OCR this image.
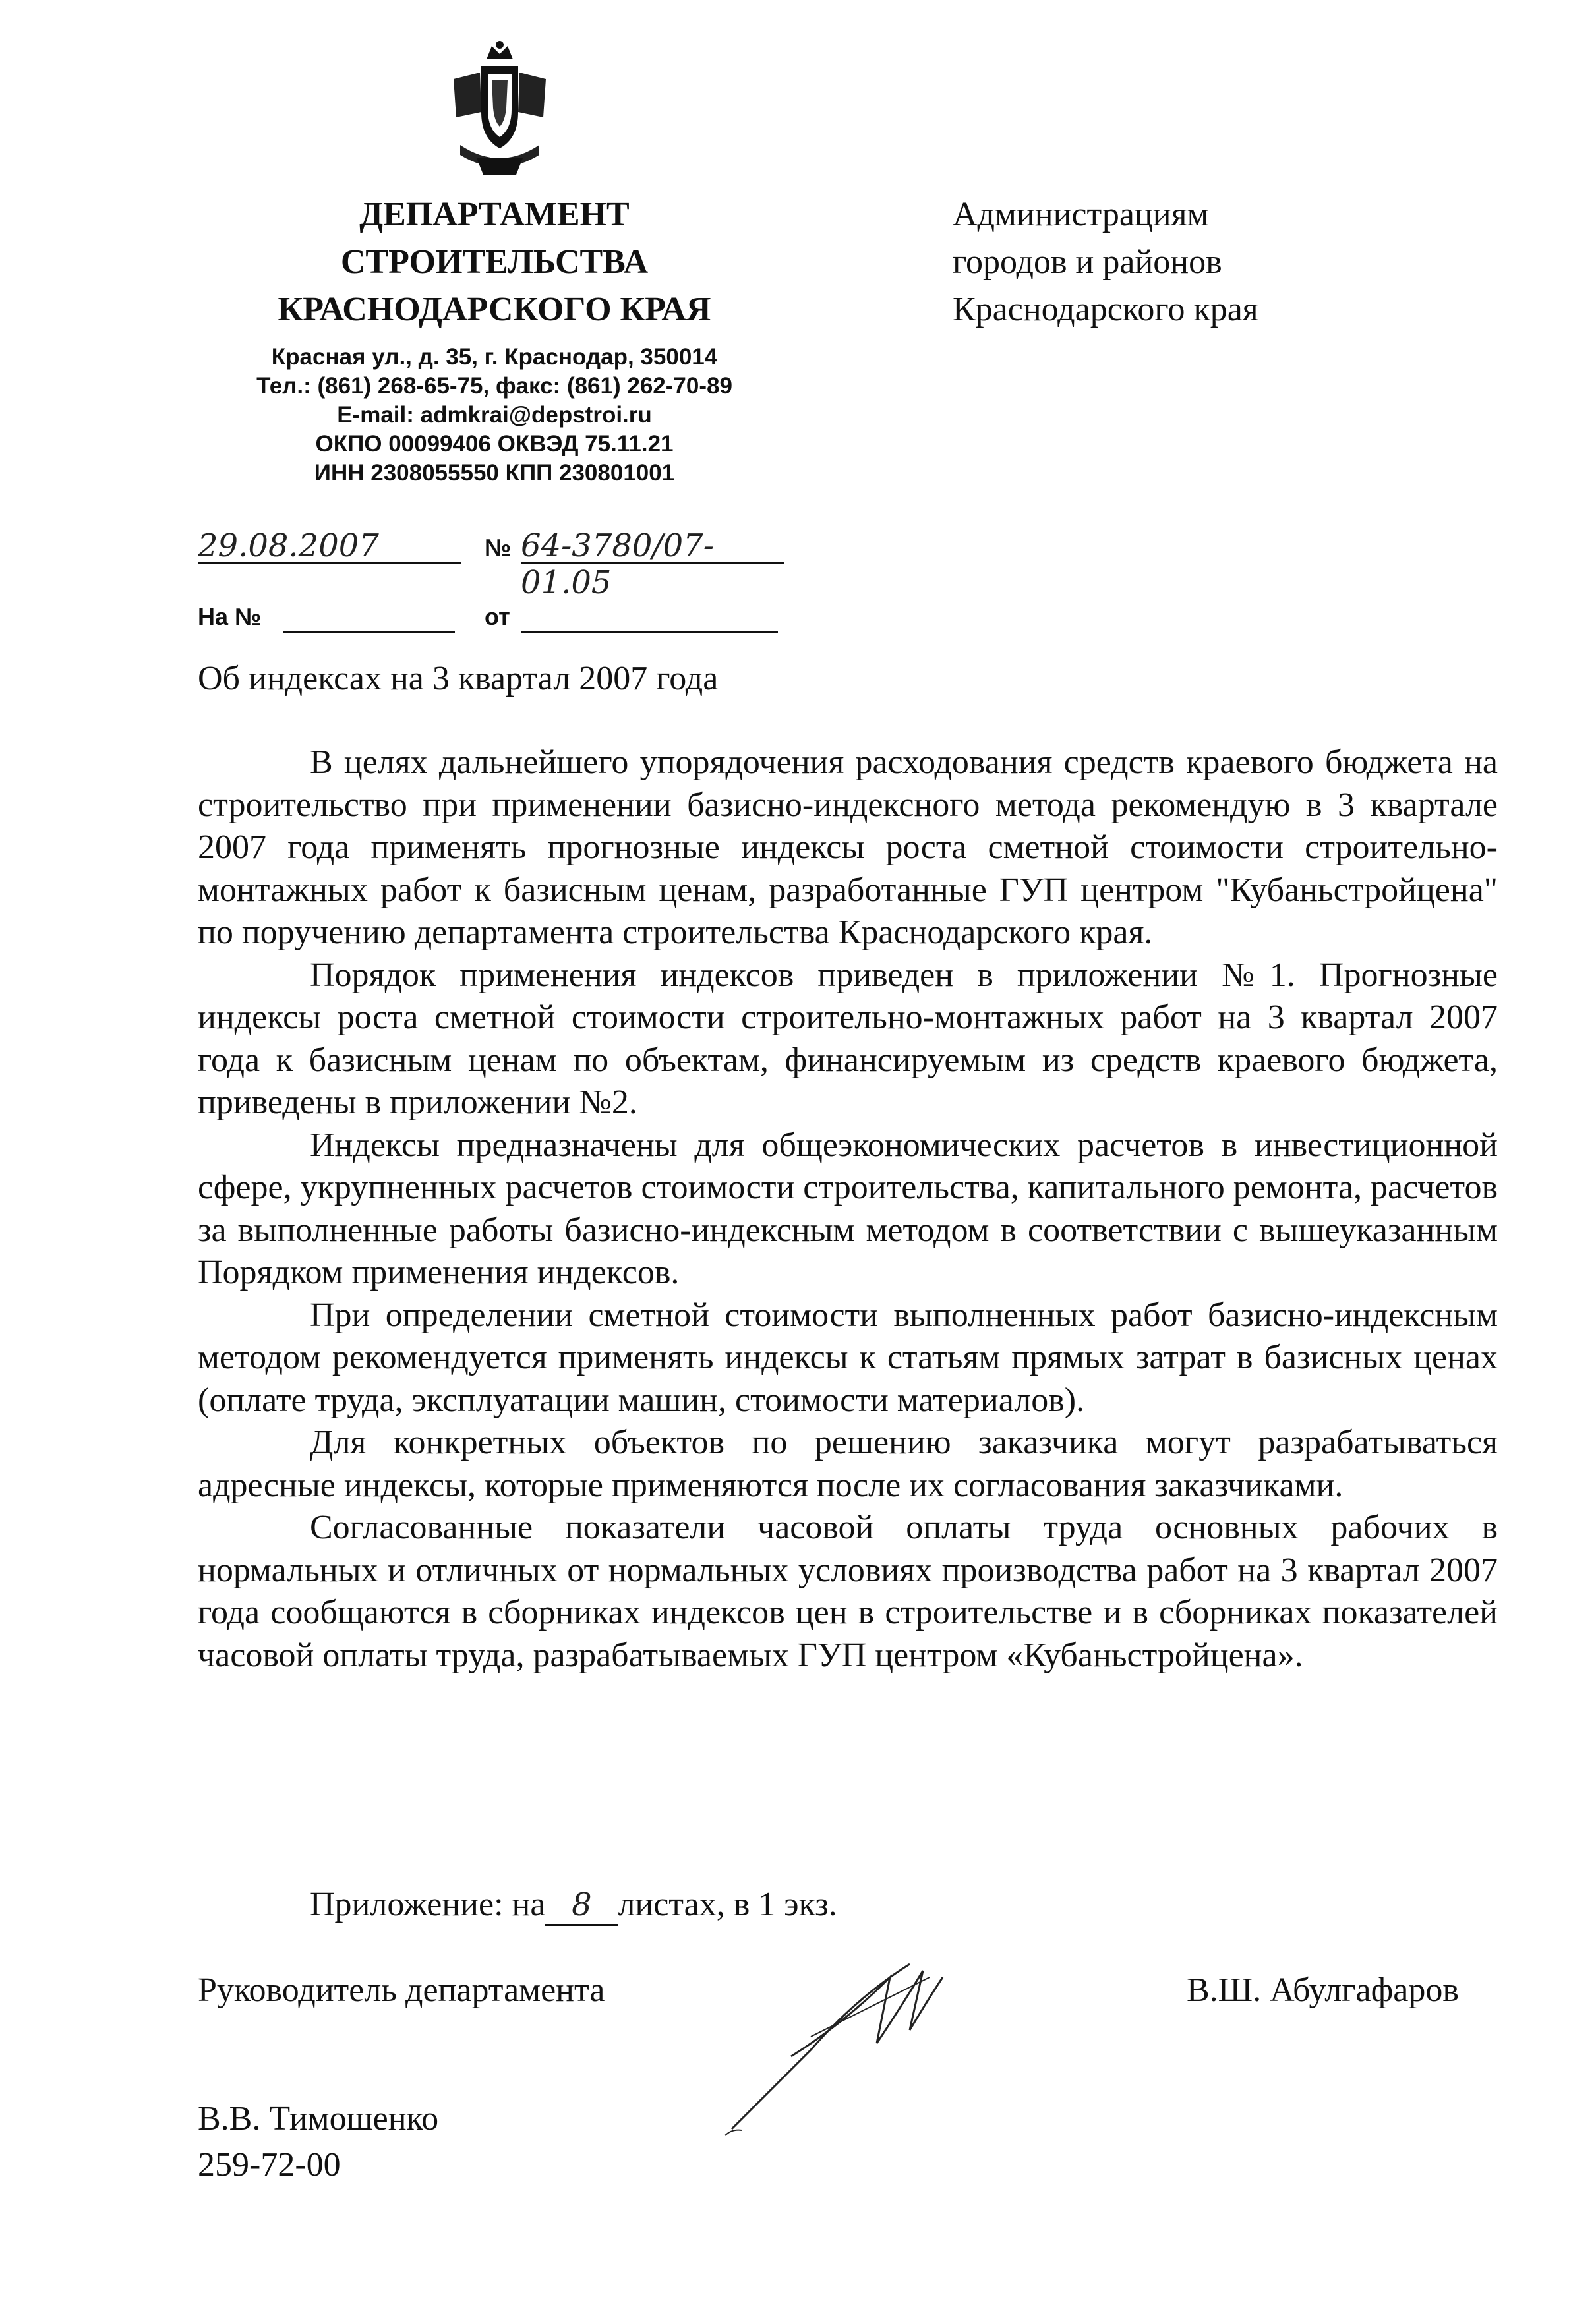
ДЕПАРТАМЕНТ
СТРОИТЕЛЬСТВА
КРАСНОДАРСКОГО КРАЯ
Администрациям
городов и районов
Краснодарского края
Красная ул., д. 35, г. Краснодар, 350014
Тел.: (861) 268-65-75, факс: (861) 262-70-89
E-mail: admkrai@depstroi.ru
ОКПО 00099406 ОКВЭД 75.11.21
ИНН 2308055550 КПП 230801001
29.08.2007	№ 64-3780/07-01.05
На №	от
Об индексах на 3 квартал 2007 года

В целях дальнейшего упорядочения расходования средств краевого бюджета на строительство при применении базисно-индексного метода рекомендую в 3 квартале 2007 года применять прогнозные индексы роста сметной стоимости строительно-монтажных работ к базисным ценам, разработанные ГУП центром "Кубаньстройцена" по поручению департамента строительства Краснодарского края.

Порядок применения индексов приведен в приложении №1. Прогнозные индексы роста сметной стоимости строительно-монтажных работ на 3 квартал 2007 года к базисным ценам по объектам, финансируемым из средств краевого бюджета, приведены в приложении №2.

Индексы предназначены для общеэкономических расчетов в инвестиционной сфере, укрупненных расчетов стоимости строительства, капитального ремонта, расчетов за выполненные работы базисно-индексным методом в соответствии с вышеуказанным Порядком применения индексов.

При определении сметной стоимости выполненных работ базисно-индексным методом рекомендуется применять индексы к статьям прямых затрат в базисных ценах (оплате труда, эксплуатации машин, стоимости материалов).

Для конкретных объектов по решению заказчика могут разрабатываться адресные индексы, которые применяются после их согласования заказчиками.

Согласованные показатели часовой оплаты труда основных рабочих в нормальных и отличных от нормальных условиях производства работ на 3 квартал 2007 года сообщаются в сборниках индексов цен в строительстве и в сборниках показателей часовой оплаты труда, разрабатываемых ГУП центром «Кубаньстройцена».

Приложение: на 8 листах, в 1 экз.
Руководитель департамента	В.Ш. Абулгафаров
В.В. Тимошенко
259-72-00
